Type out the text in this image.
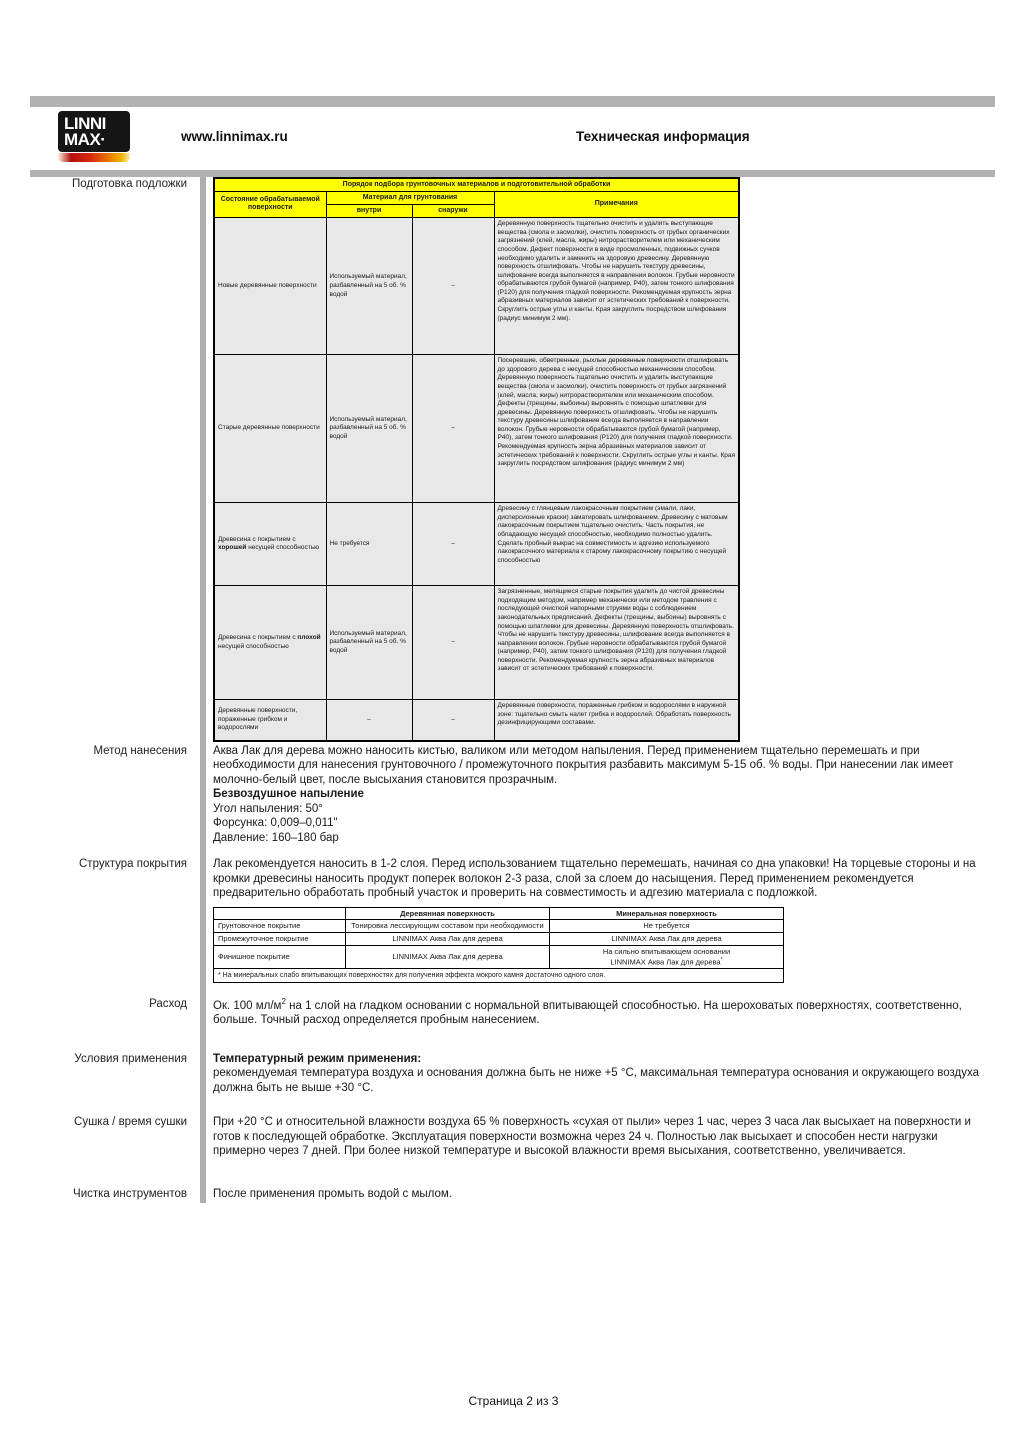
LINNI
MAX·	www.linnimax.ru	Техническая информация
Подготовка подложки	Порядок подбора грунтовочных материалов и подготовительной обработки			
Состояние обрабатываемой поверхности	Материал для грунтования		Примечания
	внутри	снаружи	
Новые деревянные поверхности	Используемый материал, разбавленный на 5 об. % водой	–	Деревянную поверхность тщательно очистить и удалить выступающие вещества (смола и засмолки), очистить поверхность от грубых органических загрязнений (клей, масла, жиры) нитрорастворителем или механическим способом. Дефект поверхности в виде просмоленных, подвижных сучков необходимо удалить и заменить на здоровую древесину. Деревянную поверхность отшлифовать. Чтобы не нарушить текстуру древесины, шлифование всегда выполняется в направлении волокон. Грубые неровности обрабатываются грубой бумагой (например, P40), затем тонкого шлифования (P120) для получения гладкой поверхности. Рекомендуемая крупность зерна абразивных материалов зависит от эстетических требований к поверхности. Скруглить острые углы и канты. Края закруглить посредством шлифования (радиус минимум 2 мм).
Старые деревянные поверхности	Используемый материал, разбавленный на 5 об. % водой	–	Посеревшие, обветренные, рыхлые деревянные поверхности отшлифовать до здорового дерева с несущей способностью механическим способом. Деревянную поверхность тщательно очистить и удалить выступающие вещества (смола и засмолки), очистить поверхность от грубых загрязнений (клей, масла, жиры) нитрорастворителем или механическим способом. Дефекты (трещины, выбоины) выровнять с помощью шпатлевки для древесины. Деревянную поверхность отшлифовать. Чтобы не нарушить текстуру древесины шлифование всегда выполняется в направлении волокон. Грубые неровности обрабатываются грубой бумагой (например, P40), затем тонкого шлифования (P120) для получения гладкой поверхности. Рекомендуемая крупность зерна абразивных материалов зависит от эстетических требований к поверхности. Скруглить острые углы и канты. Края закруглить посредством шлифования (радиус минимум 2 мм)
Древесина с покрытием с хорошей несущей способностью	Не требуется	–	Древесину с глянцевым лакокрасочным покрытием (эмали, лаки, дисперсионные краски) заматировать шлифованием. Древесину с матовым лакокрасочным покрытием тщательно очистить. Часть покрытия, не обладающую несущей способностью, необходимо полностью удалить. Сделать пробный выкрас на совместимость и адгезию используемого лакокрасочного материала к старому лакокрасочному покрытию с несущей способностью
Древесина с покрытием с плохой несущей способностью	Используемый материал, разбавленный на 5 об. % водой	–	Загрязненные, мелящиеся старые покрытия удалить до чистой древесины подходящим методом, например механически или методом травления с последующей очисткой напорными струями воды с соблюдением законодательных предписаний. Дефекты (трещины, выбоины) выровнять с помощью шпатлевки для древесины. Деревянную поверхность отшлифовать. Чтобы не нарушить текстуру древесины, шлифование всегда выполняется в направлении волокон. Грубые неровности обрабатываются грубой бумагой (например, P40), затем тонкого шлифования (P120) для получения гладкой поверхности. Рекомендуемая крупность зерна абразивных материалов зависит от эстетических требований к поверхности.
Деревянные поверхности, пораженные грибком и водорослями	–	–	Деревянные поверхности, пораженные грибком и водорослями в наружной зоне: тщательно смыть налет грибка и водорослей. Обработать поверхность дезинфицирующими составами.
Метод нанесения	Аква Лак для дерева можно наносить кистью, валиком или методом напыления. Перед применением тщательно перемешать и при необходимости для нанесения грунтовочного / промежуточного покрытия разбавить максимум 5-15 об. % воды. При нанесении лак имеет молочно-белый цвет, после высыхания становится прозрачным.
Безвоздушное напыление
Угол напыления: 50°
Форсунка: 0,009–0,011"
Давление: 160–180 бар
Структура покрытия	Лак рекомендуется наносить в 1-2 слоя. Перед использованием тщательно перемешать, начиная со дна упаковки! На торцевые стороны и на кромки древесины наносить продукт поперек волокон 2-3 раза, слой за слоем до насыщения. Перед применением рекомендуется предварительно обработать пробный участок и проверить на совместимость и адгезию материала с подложкой.
	Деревянная поверхность	Минеральная поверхность
Грунтовочное покрытие	Тонировка лессирующим составом при необходимости	Не требуется
Промежуточное покрытие	LINNIMAX Аква Лак для дерева	LINNIMAX Аква Лак для дерева
Финишное покрытие	LINNIMAX Аква Лак для дерева	На сильно впитывающем основании
LINNIMAX Аква Лак для дерева*

* На минеральных слабо впитывающих поверхностях для получения эффекта мокрого камня достаточно одного слоя.		
Расход	Ок. 100 $мл/м^2$ на 1 слой на гладком основании с нормальной впитывающей способностью. На шероховатых поверхностях, соответственно, больше. Точный расход определяется пробным нанесением.
Условия применения	Температурный режим применения:
рекомендуемая температура воздуха и основания должна быть не ниже +5 °C, максимальная температура основания и окружающего воздуха должна быть не выше +30 °C.
Сушка / время сушки	При +20 °C и относительной влажности воздуха 65 % поверхность «сухая от пыли» через 1 час, через 3 часа лак высыхает на поверхности и готов к последующей обработке. Эксплуатация поверхности возможна через 24 ч. Полностью лак высыхает и способен нести нагрузки примерно через 7 дней. При более низкой температуре и высокой влажности время высыхания, соответственно, увеличивается.
Чистка инструментов	После применения промыть водой с мылом.
Страница 2 из 3
